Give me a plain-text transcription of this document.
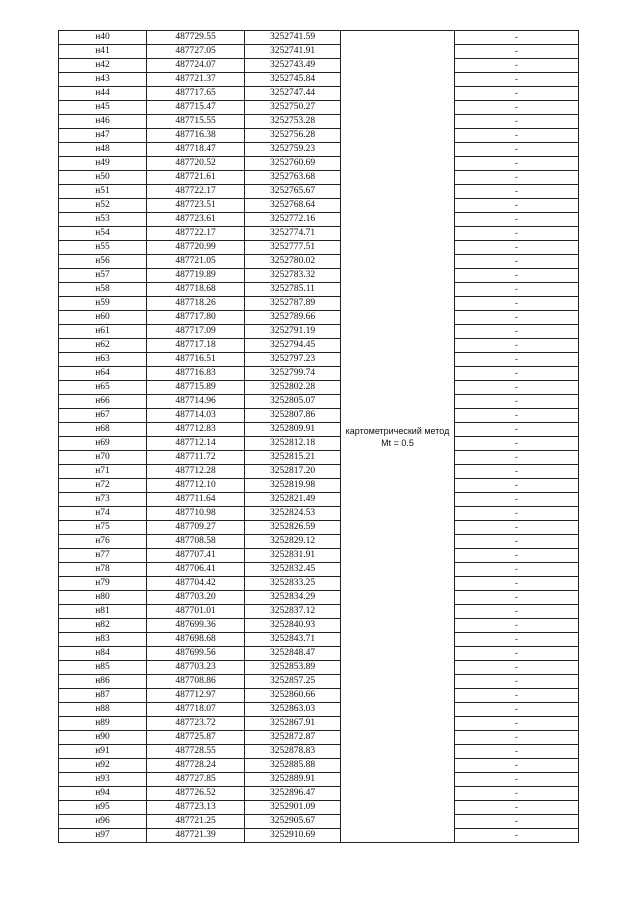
н40	487729.55	3252741.59	картометрический метод Mt = 0.5	-
н41	487727.05	3252741.91		-
н42	487724.07	3252743.49		-
н43	487721.37	3252745.84		-
н44	487717.65	3252747.44		-
н45	487715.47	3252750.27		-
н46	487715.55	3252753.28		-
н47	487716.38	3252756.28		-
н48	487718.47	3252759.23		-
н49	487720.52	3252760.69		-
н50	487721.61	3252763.68		-
н51	487722.17	3252765.67		-
н52	487723.51	3252768.64		-
н53	487723.61	3252772.16		-
н54	487722.17	3252774.71		-
н55	487720.99	3252777.51		-
н56	487721.05	3252780.02		-
н57	487719.89	3252783.32		-
н58	487718.68	3252785.11		-
н59	487718.26	3252787.89		-
н60	487717.80	3252789.66		-
н61	487717.09	3252791.19		-
н62	487717.18	3252794.45		-
н63	487716.51	3252797.23		-
н64	487716.83	3252799.74		-
н65	487715.89	3252802.28		-
н66	487714.96	3252805.07		-
н67	487714.03	3252807.86		-
н68	487712.83	3252809.91		-
н69	487712.14	3252812.18		-
н70	487711.72	3252815.21		-
н71	487712.28	3252817.20		-
н72	487712.10	3252819.98		-
н73	487711.64	3252821.49		-
н74	487710.98	3252824.53		-
н75	487709.27	3252826.59		-
н76	487708.58	3252829.12		-
н77	487707.41	3252831.91		-
н78	487706.41	3252832.45		-
н79	487704.42	3252833.25		-
н80	487703.20	3252834.29		-
н81	487701.01	3252837.12		-
н82	487699.36	3252840.93		-
н83	487698.68	3252843.71		-
н84	487699.56	3252848.47		-
н85	487703.23	3252853.89		-
н86	487708.86	3252857.25		-
н87	487712.97	3252860.66		-
н88	487718.07	3252863.03		-
н89	487723.72	3252867.91		-
н90	487725.87	3252872.87		-
н91	487728.55	3252878.83		-
н92	487728.24	3252885.88		-
н93	487727.85	3252889.91		-
н94	487726.52	3252896.47		-
н95	487723.13	3252901.09		-
н96	487721.25	3252905.67		-
н97	487721.39	3252910.69		-
